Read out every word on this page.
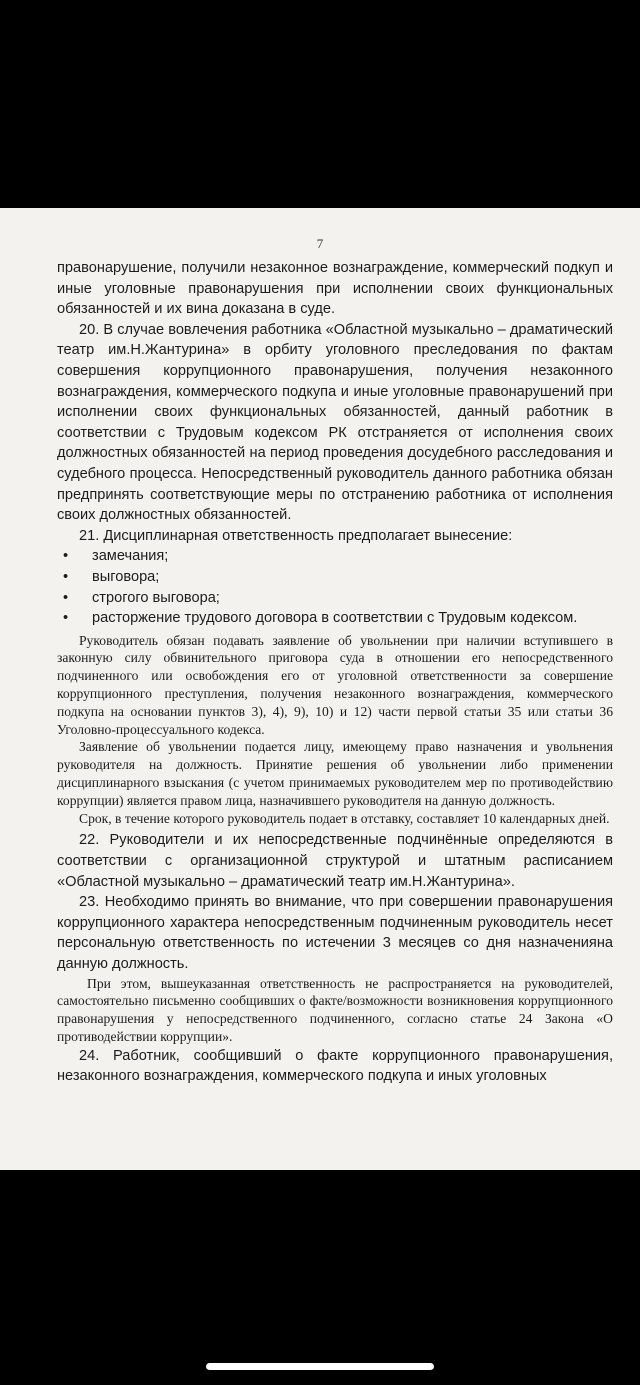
7

правонарушение, получили незаконное вознаграждение, коммерческий подкуп и иные уголовные правонарушения при исполнении своих функциональных обязанностей и их вина доказана в суде.

20. В случае вовлечения работника «Областной музыкально – драматический театр им.Н.Жантурина» в орбиту уголовного преследования по фактам совершения коррупционного правонарушения, получения незаконного вознаграждения, коммерческого подкупа и иные уголовные правонарушений при исполнении своих функциональных обязанностей, данный работник в соответствии с Трудовым кодексом РК отстраняется от исполнения своих должностных обязанностей на период проведения досудебного расследования и судебного процесса. Непосредственный руководитель данного работника обязан предпринять соответствующие меры по отстранению работника от исполнения своих должностных обязанностей.

21. Дисциплинарная ответственность предполагает вынесение:

• замечания;
• выговора;
• строгого выговора;
• расторжение трудового договора в соответствии с Трудовым кодексом.

Руководитель обязан подавать заявление об увольнении при наличии вступившего в законную силу обвинительного приговора суда в отношении его непосредственного подчиненного или освобождения его от уголовной ответственности за совершение коррупционного преступления, получения незаконного вознаграждения, коммерческого подкупа на основании пунктов 3), 4), 9), 10) и 12) части первой статьи 35 или статьи 36 Уголовно-процессуального кодекса.

Заявление об увольнении подается лицу, имеющему право назначения и увольнения руководителя на должность. Принятие решения об увольнении либо применении дисциплинарного взыскания (с учетом принимаемых руководителем мер по противодействию коррупции) является правом лица, назначившего руководителя на данную должность.

Срок, в течение которого руководитель подает в отставку, составляет 10 календарных дней.

22. Руководители и их непосредственные подчинённые определяются в соответствии с организационной структурой и штатным расписанием «Областной музыкально – драматический театр им.Н.Жантурина».

23. Необходимо принять во внимание, что при совершении правонарушения коррупционного характера непосредственным подчиненным руководитель несет персональную ответственность по истечении 3 месяцев со дня назначенияна данную должность.

При этом, вышеуказанная ответственность не распространяется на руководителей, самостоятельно письменно сообщивших о факте/возможности возникновения коррупционного правонарушения у непосредственного подчиненного, согласно статье 24 Закона «О противодействии коррупции».

24. Работник, сообщивший о факте коррупционного правонарушения, незаконного вознаграждения, коммерческого подкупа и иных уголовных
